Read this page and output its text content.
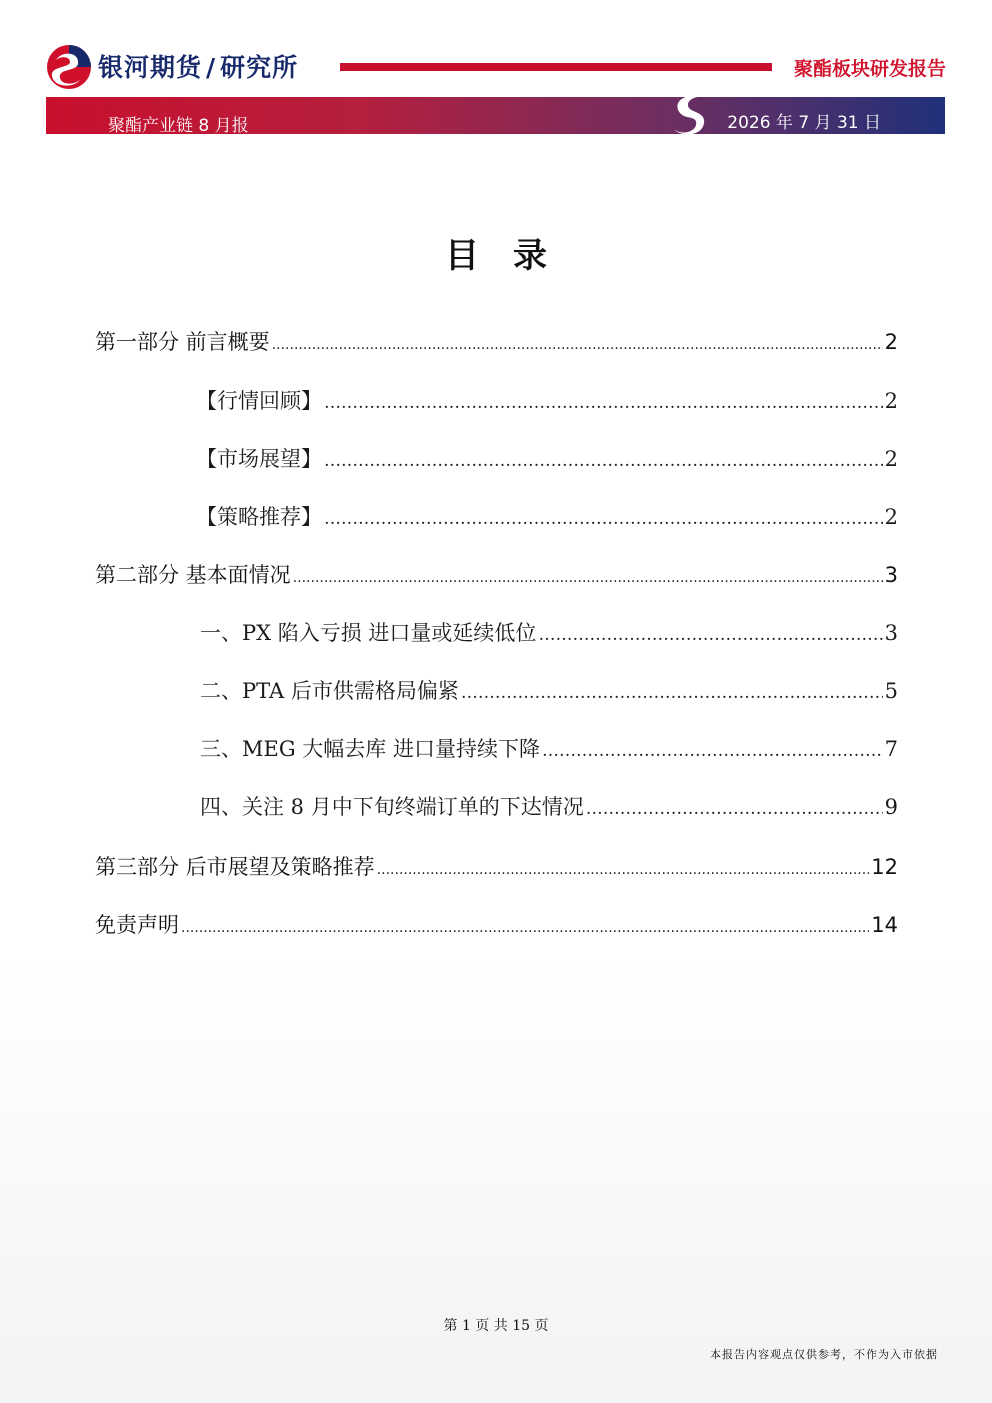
银河期货 / 研究所	聚酯板块研发报告
聚酯产业链 8 月报	2026 年 7 月 31 日
目录
第一部分 前言概要 .....	2
【行情回顾】 …………………………………………………………………………………………………………………………………………	2
【市场展望】 …………………………………………………………………………………………………………………………………………	2
【策略推荐】 …………………………………………………………………………………………………………………………………………	2
第二部分 基本面情况 .....	3
一、PX 陷入亏损 进口量或延续低位 …………………………………………………………………………………………………………………………………………	3
二、PTA 后市供需格局偏紧 …………………………………………………………………………………………………………………………………………	5
三、MEG 大幅去库 进口量持续下降 …………………………………………………………………………………………………………………………………………	7
四、关注 8 月中下旬终端订单的下达情况 …………………………………………………………………………………………………………………………………………	9
第三部分 后市展望及策略推荐 .....	12
免责声明 .....	14
第 1 页 共 15 页
本报告内容观点仅供参考，不作为入市依据
